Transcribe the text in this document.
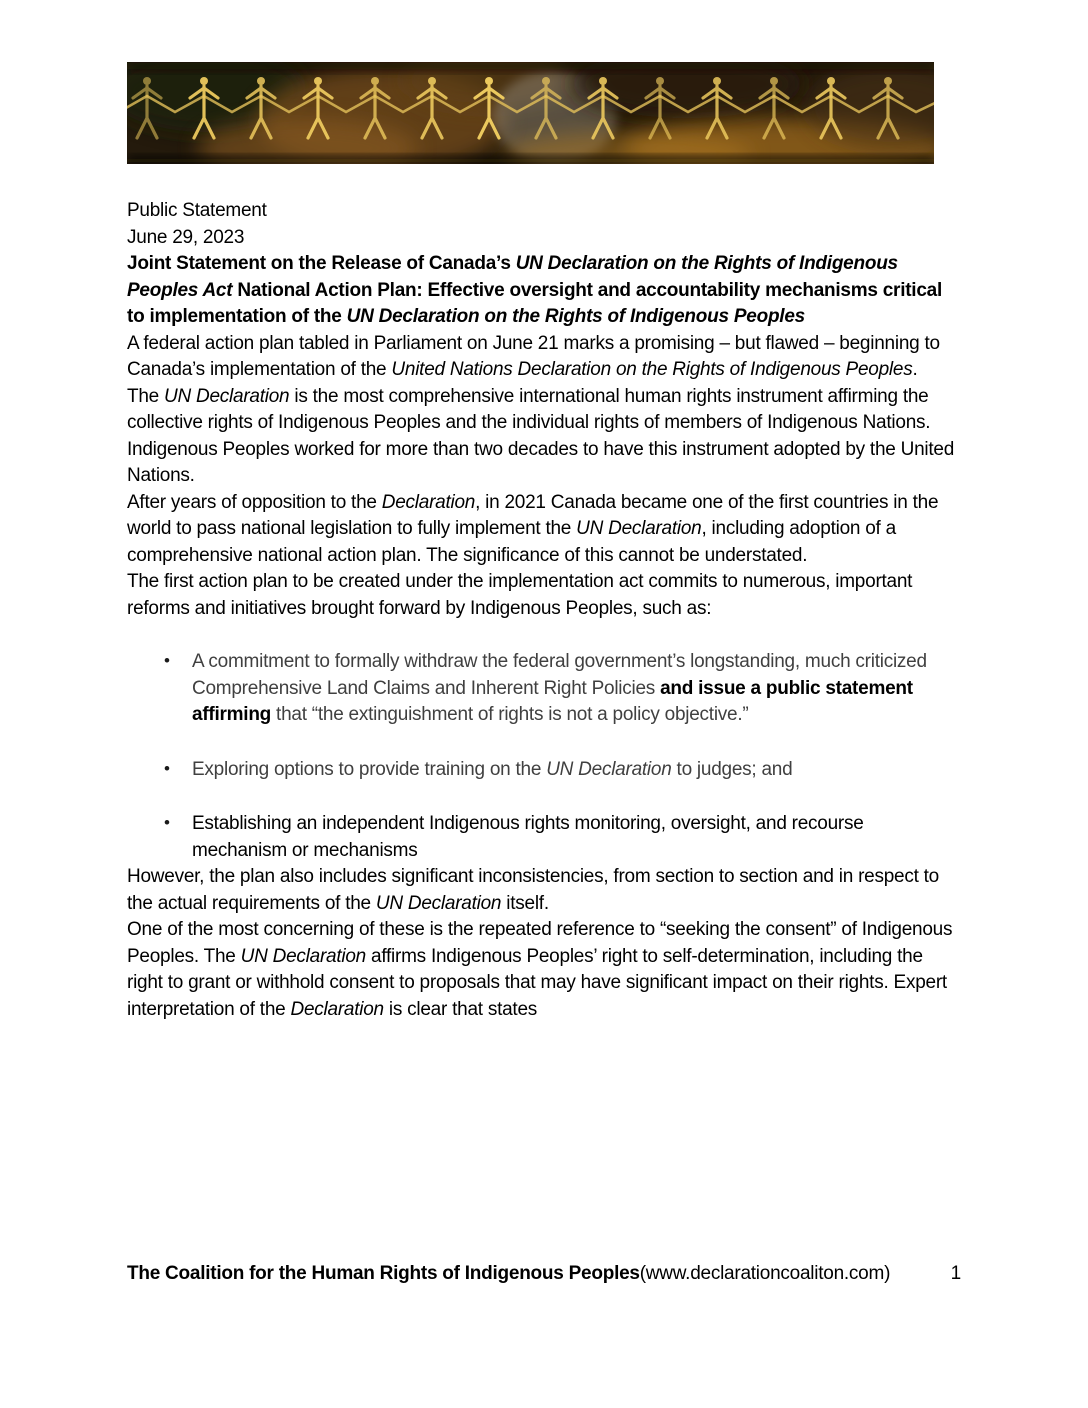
Public Statement

June 29, 2023

Joint Statement on the Release of Canada’s UN Declaration on the Rights of Indigenous Peoples Act National Action Plan: Effective oversight and accountability mechanisms critical to implementation of the UN Declaration on the Rights of Indigenous Peoples

A federal action plan tabled in Parliament on June 21 marks a promising – but flawed – beginning to Canada’s implementation of the United Nations Declaration on the Rights of Indigenous Peoples.

The UN Declaration is the most comprehensive international human rights instrument affirming the collective rights of Indigenous Peoples and the individual rights of members of Indigenous Nations. Indigenous Peoples worked for more than two decades to have this instrument adopted by the United Nations.

After years of opposition to the Declaration, in 2021 Canada became one of the first countries in the world to pass national legislation to fully implement the UN Declaration, including adoption of a comprehensive national action plan. The significance of this cannot be understated.

The first action plan to be created under the implementation act commits to numerous, important reforms and initiatives brought forward by Indigenous Peoples, such as:

• A commitment to formally withdraw the federal government’s longstanding, much criticized Comprehensive Land Claims and Inherent Right Policies and issue a public statement affirming that “the extinguishment of rights is not a policy objective.”
• Exploring options to provide training on the UN Declaration to judges; and
• Establishing an independent Indigenous rights monitoring, oversight, and recourse mechanism or mechanisms

However, the plan also includes significant inconsistencies, from section to section and in respect to the actual requirements of the UN Declaration itself.

One of the most concerning of these is the repeated reference to “seeking the consent” of Indigenous Peoples. The UN Declaration affirms Indigenous Peoples’ right to self-determination, including the right to grant or withhold consent to proposals that may have significant impact on their rights. Expert interpretation of the Declaration is clear that states

The Coalition for the Human Rights of Indigenous Peoples (www.declarationcoaliton.com)	1
